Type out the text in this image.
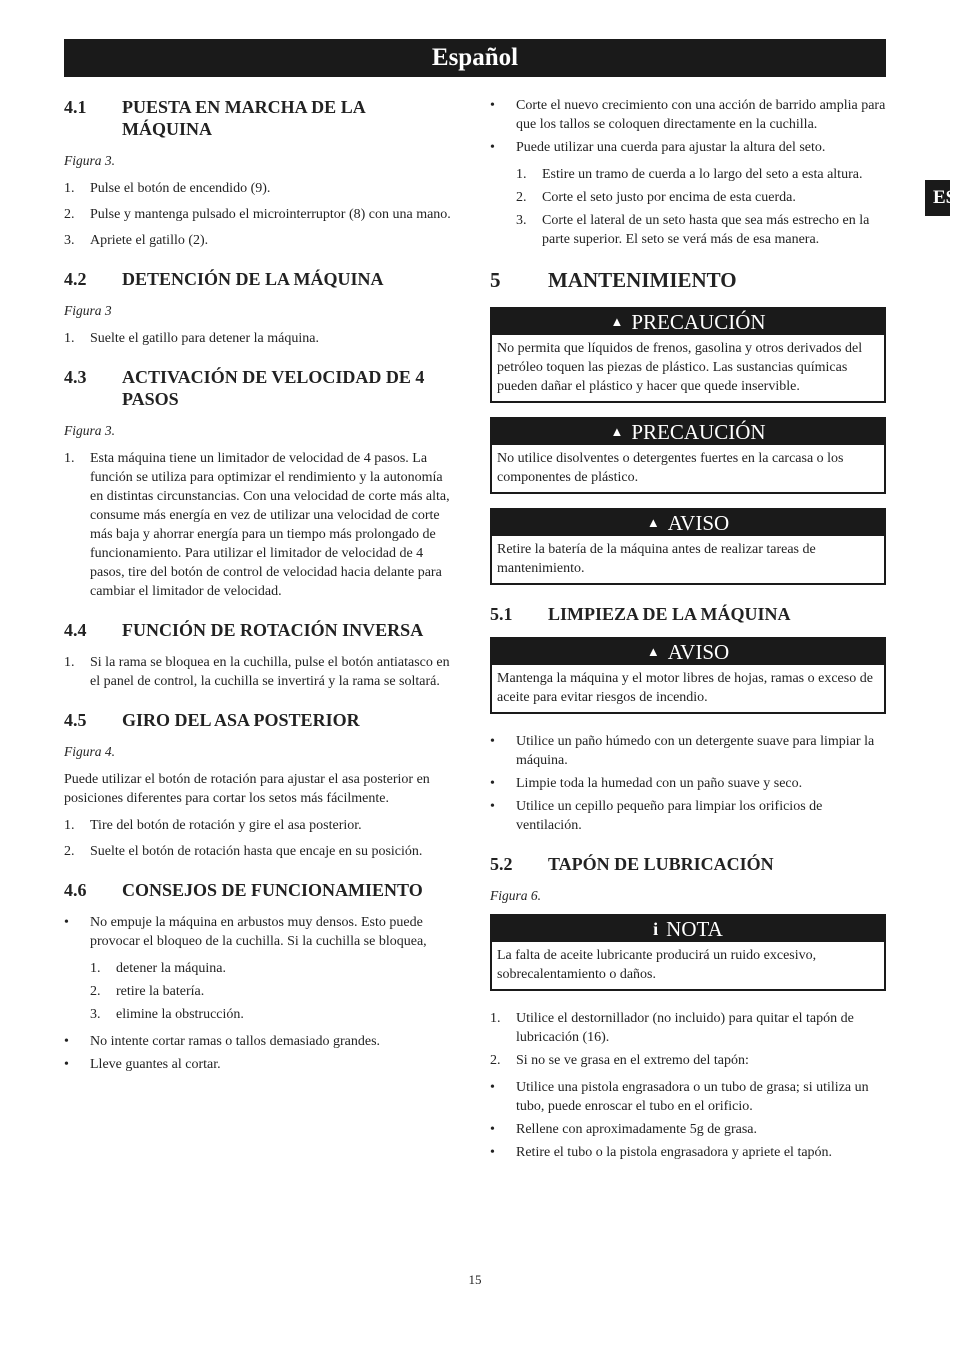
Español
ES
4.1	PUESTA EN MARCHA DE LA MÁQUINA
Figura 3.
1.	Pulse el botón de encendido (9).
2.	Pulse y mantenga pulsado el microinterruptor (8) con una mano.
3.	Apriete el gatillo (2).
4.2	DETENCIÓN DE LA MÁQUINA
Figura 3
1.	Suelte el gatillo para detener la máquina.
4.3	ACTIVACIÓN DE VELOCIDAD DE 4 PASOS
Figura 3.
1.	Esta máquina tiene un limitador de velocidad de 4 pasos. La función se utiliza para optimizar el rendimiento y la autonomía en distintas circunstancias. Con una velocidad de corte más alta, consume más energía en vez de utilizar una velocidad de corte más baja y ahorrar energía para un tiempo más prolongado de funcionamiento. Para utilizar el limitador de velocidad de 4 pasos, tire del botón de control de velocidad hacia delante para cambiar el limitador de velocidad.
4.4	FUNCIÓN DE ROTACIÓN INVERSA
1.	Si la rama se bloquea en la cuchilla, pulse el botón antiatasco en el panel de control, la cuchilla se invertirá y la rama se soltará.
4.5	GIRO DEL ASA POSTERIOR
Figura 4.

Puede utilizar el botón de rotación para ajustar el asa posterior en posiciones diferentes para cortar los setos más fácilmente.

1.	Tire del botón de rotación y gire el asa posterior.
2.	Suelte el botón de rotación hasta que encaje en su posición.
4.6	CONSEJOS DE FUNCIONAMIENTO
•	No empuje la máquina en arbustos muy densos. Esto puede provocar el bloqueo de la cuchilla. Si la cuchilla se bloquea,
1.	detener la máquina.
2.	retire la batería.
3.	elimine la obstrucción.
•	No intente cortar ramas o tallos demasiado grandes.
•	Lleve guantes al cortar.
•	Corte el nuevo crecimiento con una acción de barrido amplia para que los tallos se coloquen directamente en la cuchilla.
•	Puede utilizar una cuerda para ajustar la altura del seto.
1.	Estire un tramo de cuerda a lo largo del seto a esta altura.
2.	Corte el seto justo por encima de esta cuerda.
3.	Corte el lateral de un seto hasta que sea más estrecho en la parte superior. El seto se verá más de esa manera.
5	MANTENIMIENTO
▲ PRECAUCIÓN
No permita que líquidos de frenos, gasolina y otros derivados del petróleo toquen las piezas de plástico. Las sustancias químicas pueden dañar el plástico y hacer que quede inservible.
▲ PRECAUCIÓN
No utilice disolventes o detergentes fuertes en la carcasa o los componentes de plástico.
▲ AVISO
Retire la batería de la máquina antes de realizar tareas de mantenimiento.
5.1	LIMPIEZA DE LA MÁQUINA
▲ AVISO
Mantenga la máquina y el motor libres de hojas, ramas o exceso de aceite para evitar riesgos de incendio.
•	Utilice un paño húmedo con un detergente suave para limpiar la máquina.
•	Limpie toda la humedad con un paño suave y seco.
•	Utilice un cepillo pequeño para limpiar los orificios de ventilación.
5.2	TAPÓN DE LUBRICACIÓN
Figura 6.
i NOTA
La falta de aceite lubricante producirá un ruido excesivo, sobrecalentamiento o daños.
1.	Utilice el destornillador (no incluido) para quitar el tapón de lubricación (16).
2.	Si no se ve grasa en el extremo del tapón:
•	Utilice una pistola engrasadora o un tubo de grasa; si utiliza un tubo, puede enroscar el tubo en el orificio.
•	Rellene con aproximadamente 5g de grasa.
•	Retire el tubo o la pistola engrasadora y apriete el tapón.
15
